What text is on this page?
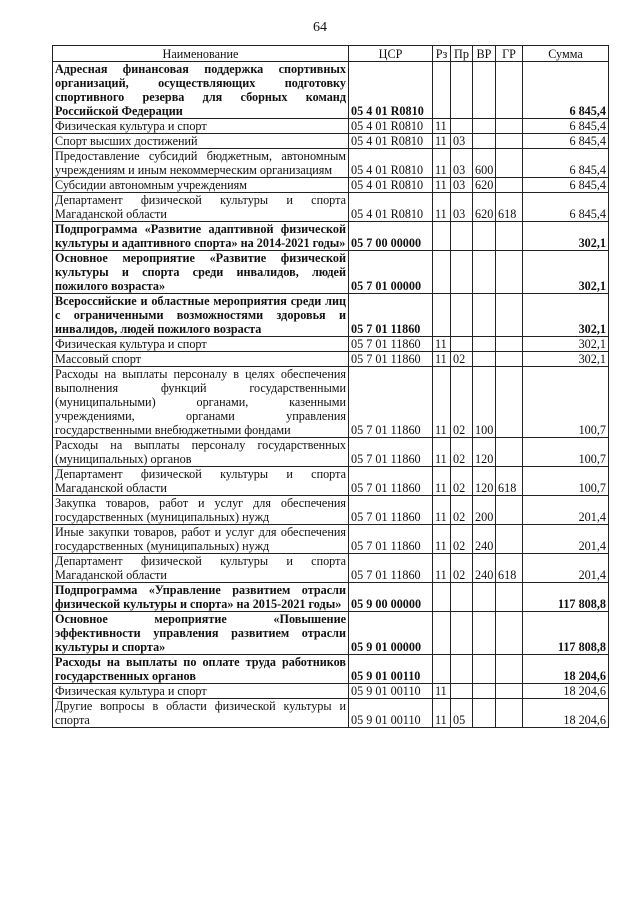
64
Наименование	ЦСР	Рз	Пр	ВР	ГР	Сумма
Адресная финансовая поддержка спортивных организаций, осуществляющих подготовку спортивного резерва для сборных команд Российской Федерации	05 4 01 R0810					6 845,4
Физическая культура и спорт	05 4 01 R0810	11				6 845,4
Спорт высших достижений	05 4 01 R0810	11	03			6 845,4
Предоставление субсидий бюджетным, автономным учреждениям и иным некоммерческим организациям	05 4 01 R0810	11	03	600		6 845,4
Субсидии автономным учреждениям	05 4 01 R0810	11	03	620		6 845,4
Департамент физической культуры и спорта Магаданской области	05 4 01 R0810	11	03	620	618	6 845,4
Подпрограмма «Развитие адаптивной физической культуры и адаптивного спорта» на 2014-2021 годы»	05 7 00 00000					302,1
Основное мероприятие «Развитие физической культуры и спорта среди инвалидов, людей пожилого возраста»	05 7 01 00000					302,1
Всероссийские и областные мероприятия среди лиц с ограниченными возможностями здоровья и инвалидов, людей пожилого возраста	05 7 01 11860					302,1
Физическая культура и спорт	05 7 01 11860	11				302,1
Массовый спорт	05 7 01 11860	11	02			302,1
Расходы на выплаты персоналу в целях обеспечения выполнения функций государственными (муниципальными) органами, казенными учреждениями, органами управления государственными внебюджетными фондами	05 7 01 11860	11	02	100		100,7
Расходы на выплаты персоналу государственных (муниципальных) органов	05 7 01 11860	11	02	120		100,7
Департамент физической культуры и спорта Магаданской области	05 7 01 11860	11	02	120	618	100,7
Закупка товаров, работ и услуг для обеспечения государственных (муниципальных) нужд	05 7 01 11860	11	02	200		201,4
Иные закупки товаров, работ и услуг для обеспечения государственных (муниципальных) нужд	05 7 01 11860	11	02	240		201,4
Департамент физической культуры и спорта Магаданской области	05 7 01 11860	11	02	240	618	201,4
Подпрограмма «Управление развитием отрасли физической культуры и спорта» на 2015-2021 годы»	05 9 00 00000					117 808,8
Основное мероприятие «Повышение эффективности управления развитием отрасли культуры и спорта»	05 9 01 00000					117 808,8
Расходы на выплаты по оплате труда работников государственных органов	05 9 01 00110					18 204,6
Физическая культура и спорт	05 9 01 00110	11				18 204,6
Другие вопросы в области физической культуры и спорта	05 9 01 00110	11	05			18 204,6
